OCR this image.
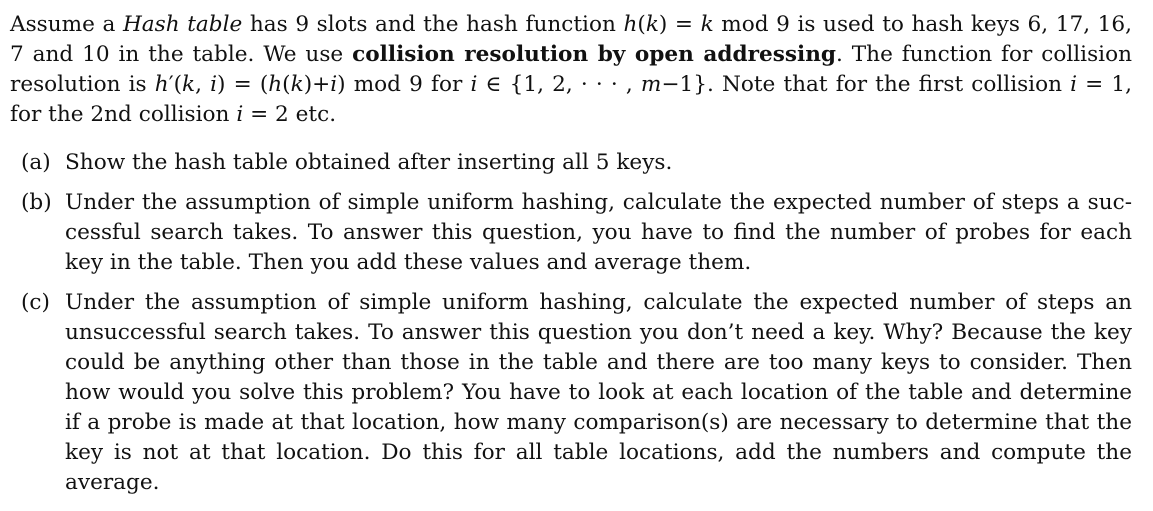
Assume a Hash table has 9 slots and the hash function h(k) = k mod 9 is used to hash keys 6, 17, 16, 7 and 10 in the table. We use collision resolution by open addressing. The function for collision resolution is h′(k, i) = (h(k)+i) mod 9 for i ∈ {1, 2, · · · , m−1}. Note that for the first collision i = 1, for the 2nd collision i = 2 etc.

(a) Show the hash table obtained after inserting all 5 keys.
(b) Under the assumption of simple uniform hashing, calculate the expected number of steps a suc-cessful search takes. To answer this question, you have to find the number of probes for each key in the table. Then you add these values and average them.
(c) Under the assumption of simple uniform hashing, calculate the expected number of steps an unsuccessful search takes. To answer this question you don’t need a key. Why? Because the key could be anything other than those in the table and there are too many keys to consider. Then how would you solve this problem? You have to look at each location of the table and determine if a probe is made at that location, how many comparison(s) are necessary to determine that the key is not at that location. Do this for all table locations, add the numbers and compute the average.
